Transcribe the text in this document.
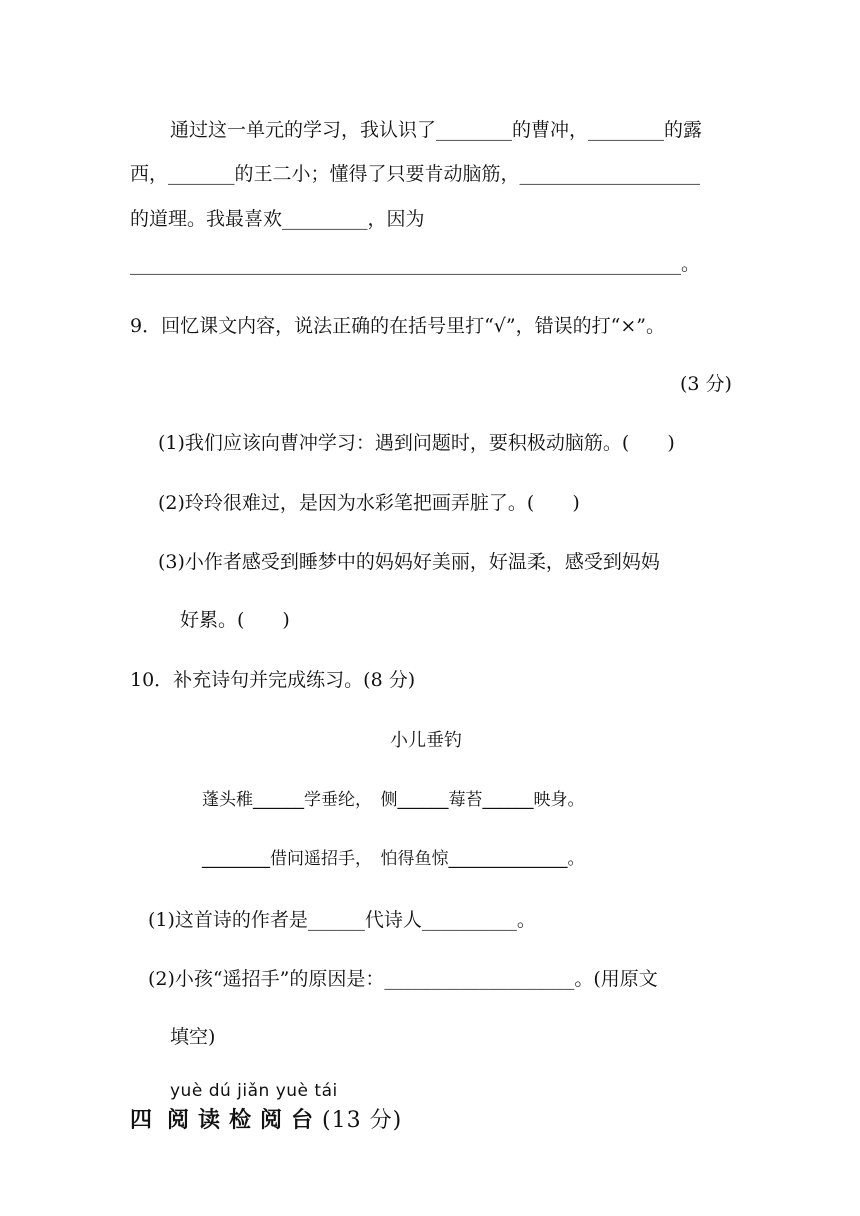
通过这一单元的学习，我认识了________的曹冲，________的露
西，_______的王二小；懂得了只要肯动脑筋，___________________
的道理。我最喜欢_________，因为
__________________________________________________________。
9．回忆课文内容，说法正确的在括号里打“√”，错误的打“×”。
(3 分)
(1)我们应该向曹冲学习：遇到问题时，要积极动脑筋。(　　)
(2)玲玲很难过，是因为水彩笔把画弄脏了。(　　)
(3)小作者感受到睡梦中的妈妈好美丽，好温柔，感受到妈妈
好累。(　　)
10．补充诗句并完成练习。(8 分)
小儿垂钓
蓬头稚______学垂纶，　侧______莓苔______映身。
________借问遥招手，　怕得鱼惊______________。
(1)这首诗的作者是______代诗人__________。
(2)小孩“遥招手”的原因是：____________________。(用原文
填空)
yuè dú jiǎn yuè tái
四 阅读检阅台(13 分)
